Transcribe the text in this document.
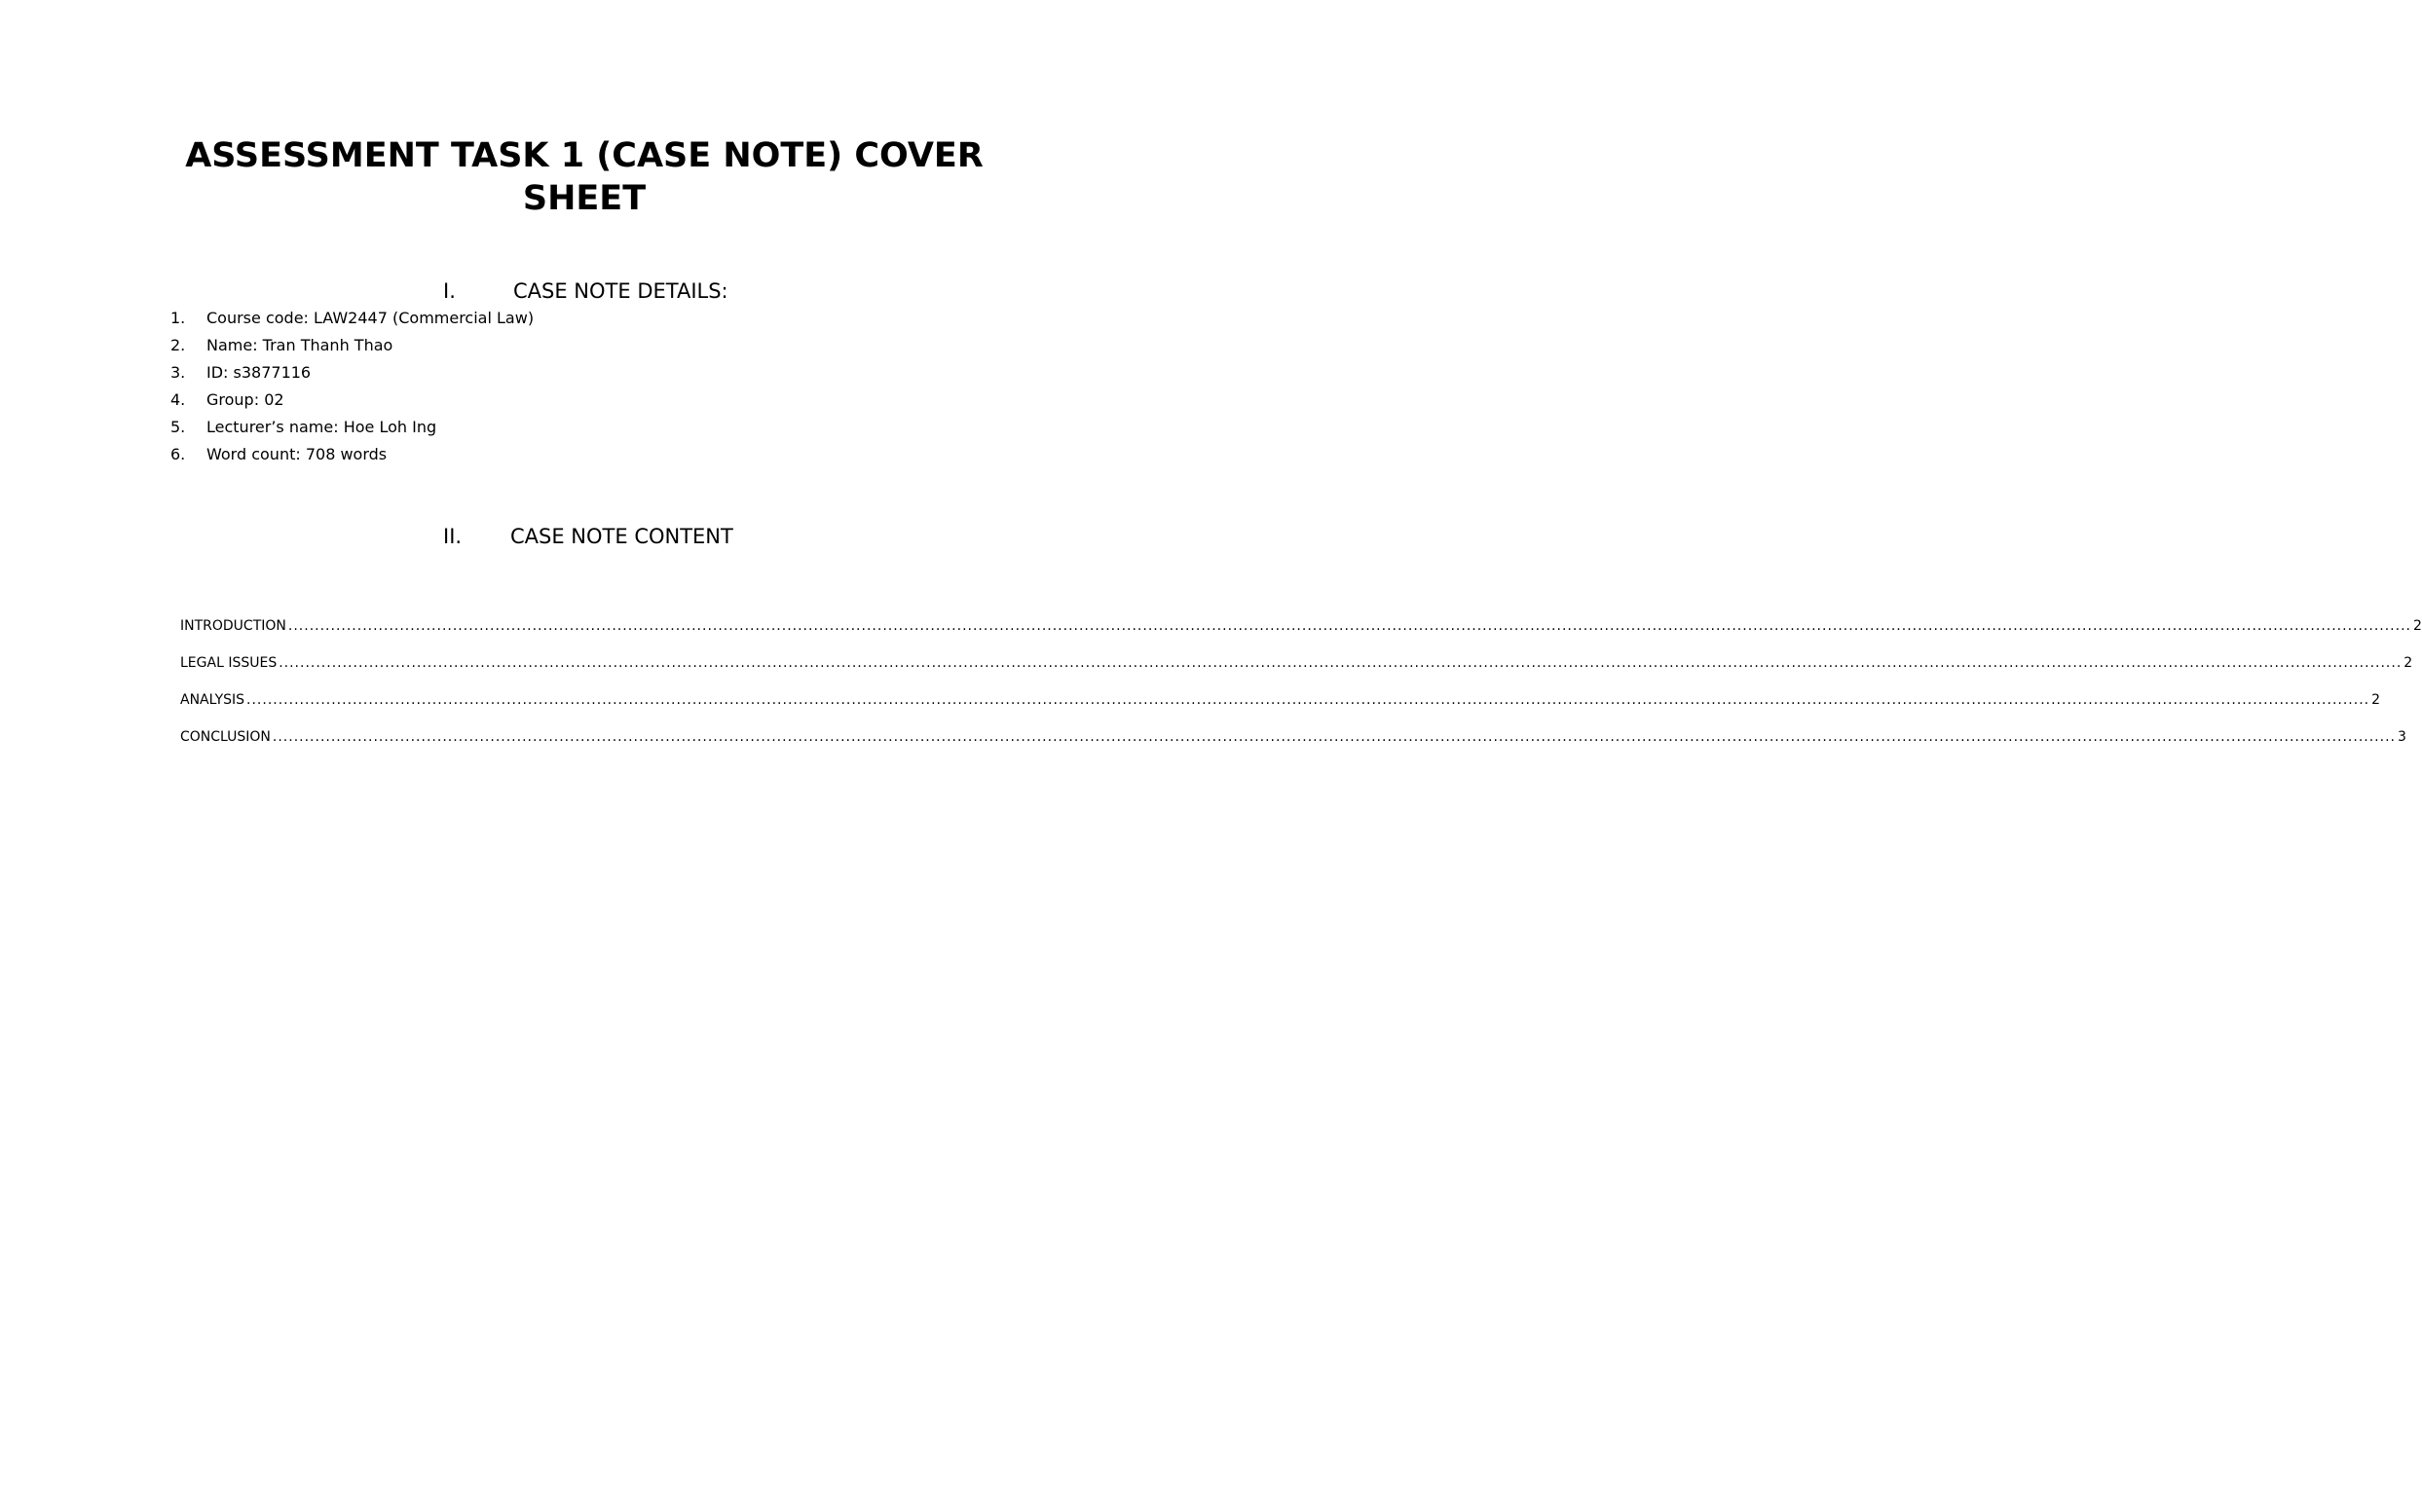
ASSESSMENT TASK 1 (CASE NOTE) COVER SHEET
I.	CASE NOTE DETAILS:
1. Course code: LAW2447 (Commercial Law)
2. Name: Tran Thanh Thao
3. ID: s3877116
4. Group: 02
5. Lecturer’s name: Hoe Loh Ing
6. Word count: 708 words
II. CASE NOTE CONTENT
INTRODUCTION ................................................................................................................................................................................................................................................................................................................................................................................................................ 2
LEGAL ISSUES ................................................................................................................................................................................................................................................................................................................................................................................................................ 2
ANALYSIS ................................................................................................................................................................................................................................................................................................................................................................................................................ 2
CONCLUSION ................................................................................................................................................................................................................................................................................................................................................................................................................ 3
